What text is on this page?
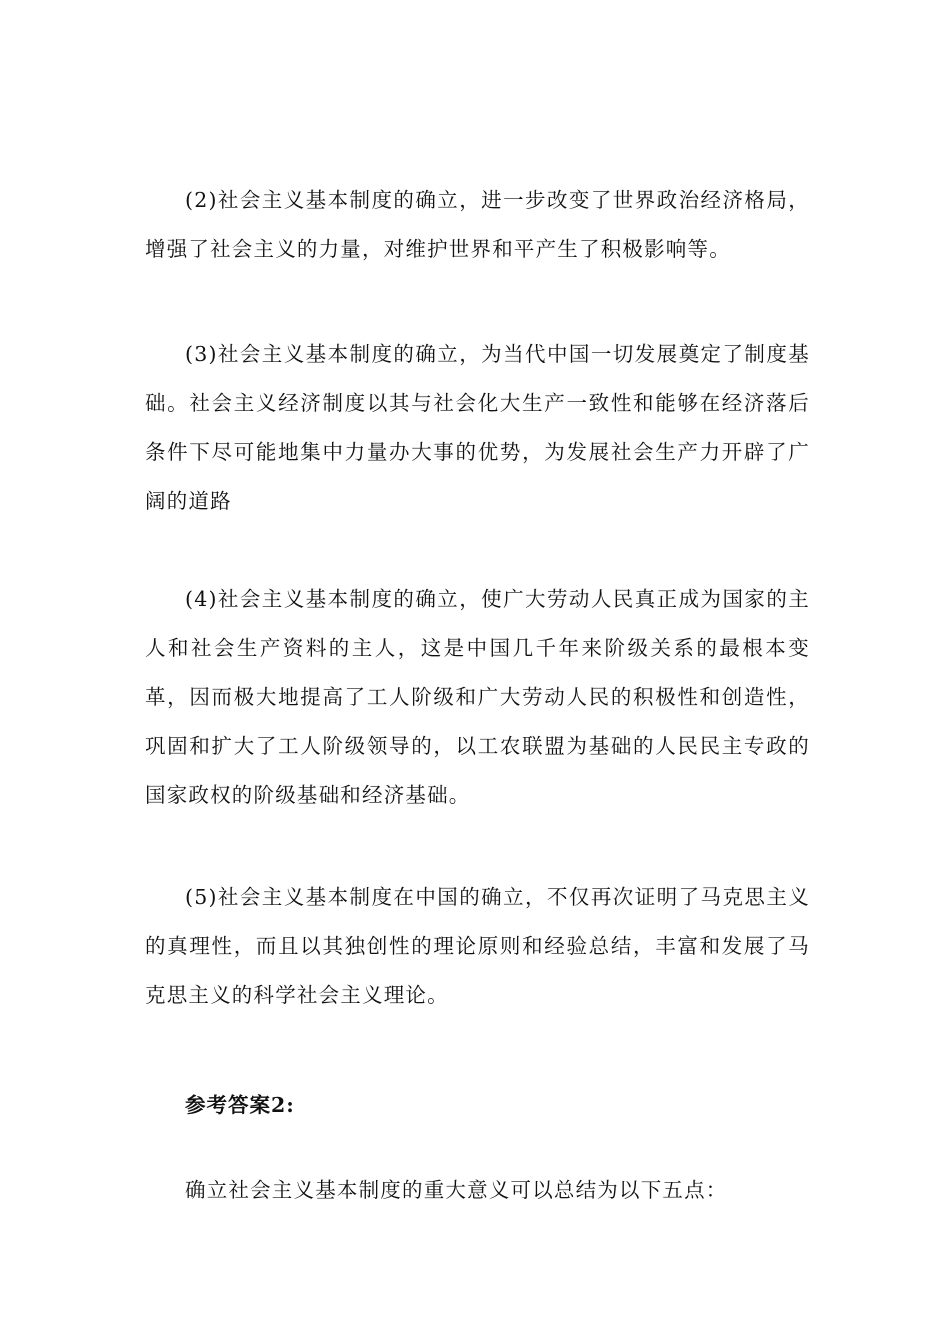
(2)社会主义基本制度的确立，进一步改变了世界政治经济格局，增强了社会主义的力量，对维护世界和平产生了积极影响等。

(3)社会主义基本制度的确立，为当代中国一切发展奠定了制度基础。社会主义经济制度以其与社会化大生产一致性和能够在经济落后条件下尽可能地集中力量办大事的优势，为发展社会生产力开辟了广阔的道路

(4)社会主义基本制度的确立，使广大劳动人民真正成为国家的主人和社会生产资料的主人，这是中国几千年来阶级关系的最根本变革，因而极大地提高了工人阶级和广大劳动人民的积极性和创造性，巩固和扩大了工人阶级领导的，以工农联盟为基础的人民民主专政的国家政权的阶级基础和经济基础。

(5)社会主义基本制度在中国的确立，不仅再次证明了马克思主义的真理性，而且以其独创性的理论原则和经验总结，丰富和发展了马克思主义的科学社会主义理论。

参考答案2:

确立社会主义基本制度的重大意义可以总结为以下五点：
